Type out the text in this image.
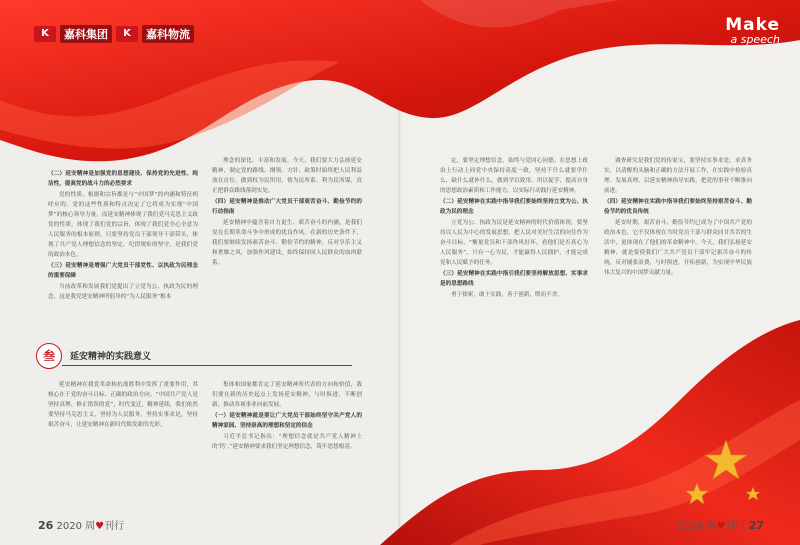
K	嘉科集团	K	嘉科物流	Make
a speech
聚焦之声

（二）延安精神是加强党的思想建设、保持党的先进性、纯洁性，提高党的战斗力的必然要求

党的性质、根据和宗旨都是与“中国梦”的内涵和特征相呼应的。党的这些性质和特点决定了它将成为实现“中国梦”的核心领导力量。而延安精神体现了我们党马克思主义政党的性质，体现了我们党的宗旨，体现了我们党全心全意为人民服务的根本原则，只要坚持党员干部领导干部带头，体现了共产党人理想信念的坚定、纪律规矩的坚守，是我们党的政治本色。

（三）延安精神是增强广大党员干部党性、以执政为民理念的重要保障

当前改革和发展我们党提出了立党为公、执政为民的理念，这是我党延安精神所倡导的“为人民服务”根本

理念的深化、丰富和发展。今天，我们要大力弘扬延安精神，制定党的路线、纲领、方针、政策时始终把人民利益放在首位，做到权为民所用、情为民所系、利为民所谋，真正把群众路线落到实处。

（四）延安精神是推动广大党员干部艰苦奋斗、勤俭节约的行动指南

延安精神中蕴含着自力更生、艰苦奋斗的内涵，是我们党在长期革命斗争中形成的优良作风。在新的历史条件下，我们要继续发扬艰苦奋斗、勤俭节约的精神，反对享乐主义和奢靡之风，加强作风建设，始终保持同人民群众的血肉联系。

叁	延安精神的实践意义

延安精神在我党革命和抗战胜利中发挥了重要作用，其核心在于党的奋斗目标、正确的政治方向。“中国共产党人是坚持真理、修正错误的党”，时代变迁，精神延续，我们依然要坚持马克思主义，坚持为人民服务，坚持实事求是，坚持艰苦奋斗，让延安精神在新时代焕发新的光彩。

集体和国家都肯定了延安精神所代表的方向和价值，我们要在新的历史起点上发扬延安精神，与时俱进，不断创新，推动各项事业向前发展。

（一）延安精神就是要让广大党员干部始终坚守共产党人的精神家园、坚持崇高的理想和坚定的信念

习近平总书记指出：“理想信念就是共产党人精神上的‘钙’。”延安精神要求我们坚定理想信念，筑牢思想根基。

定，要坚定理想信念，始终与党同心同德。在思想上政治上行动上同党中央保持高度一致，坚持干什么就要学什么，缺什么就补什么，做到学以致用、用以促学，提高自身的思想政治素质和工作能力，以实际行动践行延安精神。

（二）延安精神在实践中指导我们要始终坚持立党为公、执政为民的理念

立党为公、执政为民是延安精神的时代价值体现。要坚持以人民为中心的发展思想，把人民对美好生活的向往作为奋斗目标，“衡量党员和干部作风好坏，看他们是否真心为人民服务”。只有一心为民，才能赢得人民拥护，才能完成党和人民赋予的任务。

（三）延安精神在实践中指引我们要坚持解放思想、实事求是的思想路线

勇于探索，敢于实践，善于创新，锲而不舍。

调查研究是我们党的传家宝，要坚持实事求是、求真务实，以清醒的头脑和正确的方法开展工作，在实践中检验真理、发展真理，以延安精神指导实践，把党的事业不断推向前进。

（四）延安精神在实践中指导我们要始终坚持艰苦奋斗、勤俭节约的优良传统

延安时期，艰苦奋斗、勤俭节约已成为了中国共产党的政治本色。它不仅体现在当时党员干部与群众同甘共苦的生活中，更体现在了他们的革命精神中。今天，我们弘扬延安精神，就是要使我们广大共产党员干部牢记艰苦奋斗的传统，反对铺张浪费，与时俱进，开拓创新，为实现中华民族伟大复兴的中国梦贡献力量。

26 2020 周♥刊行	2020 周♥刊行 27
